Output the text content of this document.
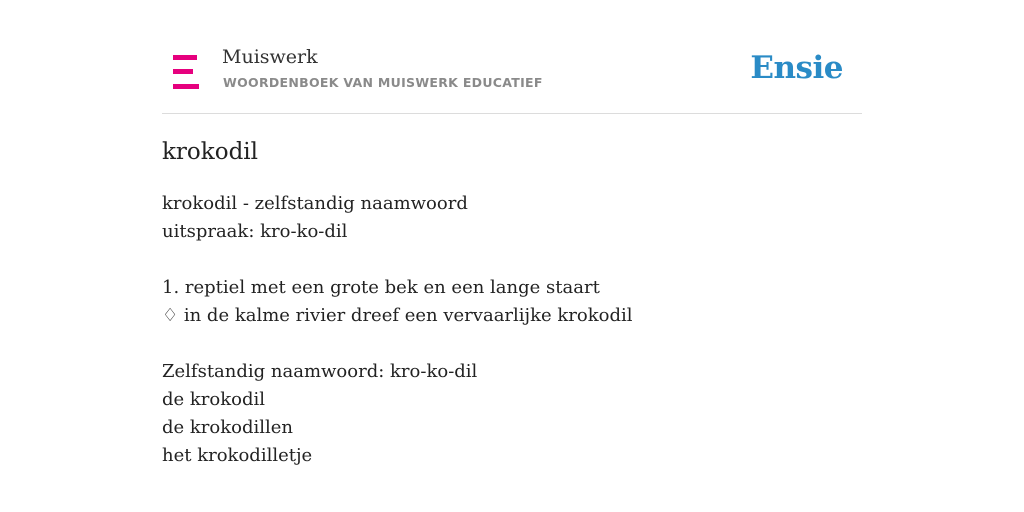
Muiswerk
WOORDENBOEK VAN MUISWERK EDUCATIEF	Ensie
krokodil
krokodil - zelfstandig naamwoord
uitspraak: kro-ko-dil
1. reptiel met een grote bek en een lange staart
♢ in de kalme rivier dreef een vervaarlijke krokodil
Zelfstandig naamwoord: kro-ko-dil
de krokodil
de krokodillen
het krokodilletje
